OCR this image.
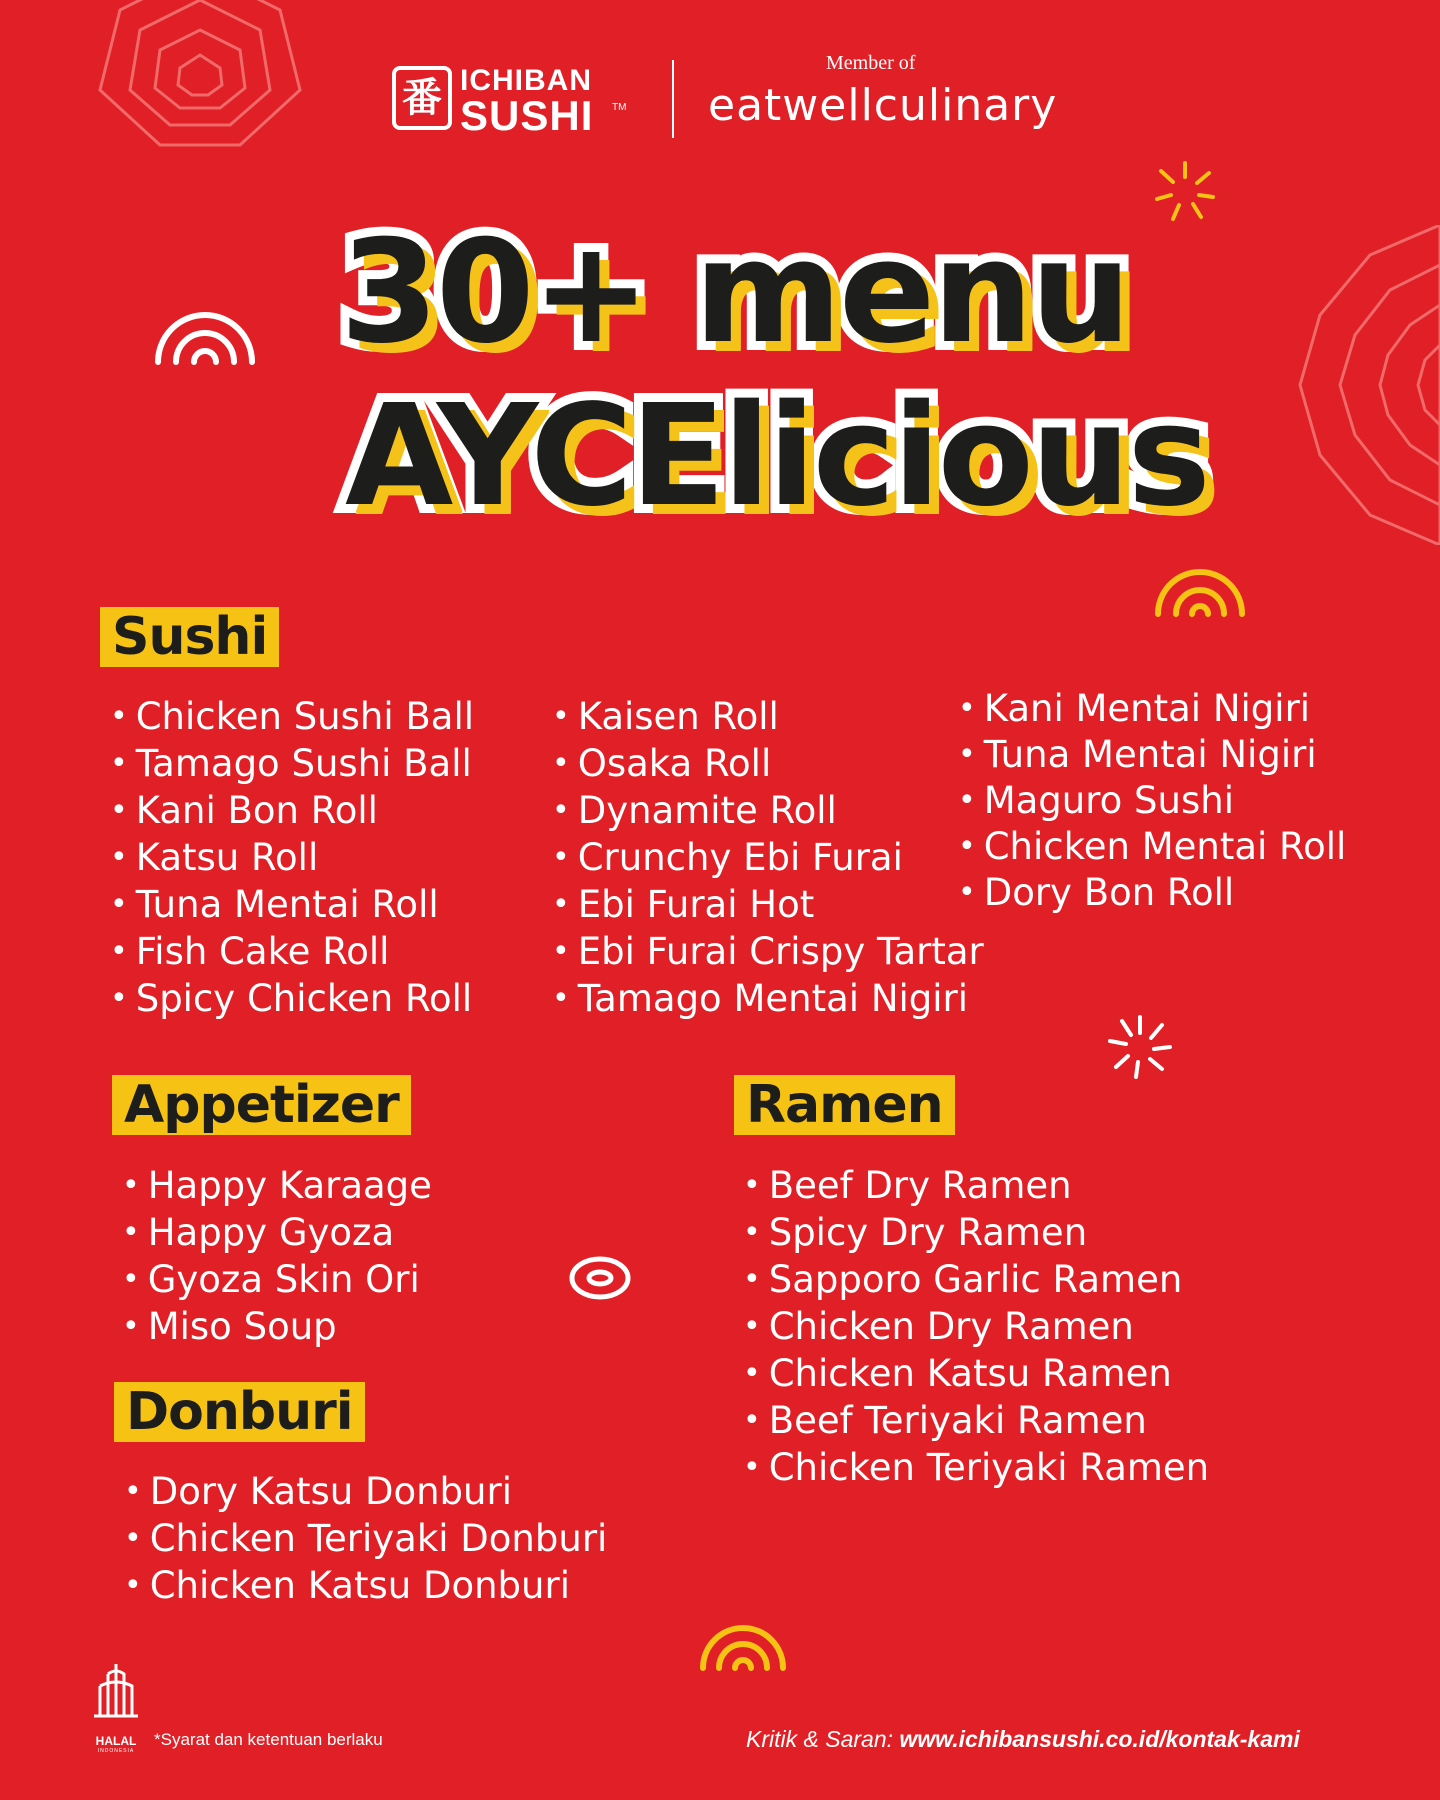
番 ICHIBAN
SUSHI TM
Member of
eatwellculinary
30+ menu
AYCElicious
Sushi
• Chicken Sushi Ball
• Tamago Sushi Ball
• Kani Bon Roll
• Katsu Roll
• Tuna Mentai Roll
• Fish Cake Roll
• Spicy Chicken Roll
• Kaisen Roll
• Osaka Roll
• Dynamite Roll
• Crunchy Ebi Furai
• Ebi Furai Hot
• Ebi Furai Crispy Tartar
• Tamago Mentai Nigiri
• Kani Mentai Nigiri
• Tuna Mentai Nigiri
• Maguro Sushi
• Chicken Mentai Roll
• Dory Bon Roll
Appetizer
• Happy Karaage
• Happy Gyoza
• Gyoza Skin Ori
• Miso Soup
Ramen
• Beef Dry Ramen
• Spicy Dry Ramen
• Sapporo Garlic Ramen
• Chicken Dry Ramen
• Chicken Katsu Ramen
• Beef Teriyaki Ramen
• Chicken Teriyaki Ramen
Donburi
• Dory Katsu Donburi
• Chicken Teriyaki Donburi
• Chicken Katsu Donburi
HALAL
INDONESIA
*Syarat dan ketentuan berlaku	Kritik & Saran: www.ichibansushi.co.id/kontak-kami
